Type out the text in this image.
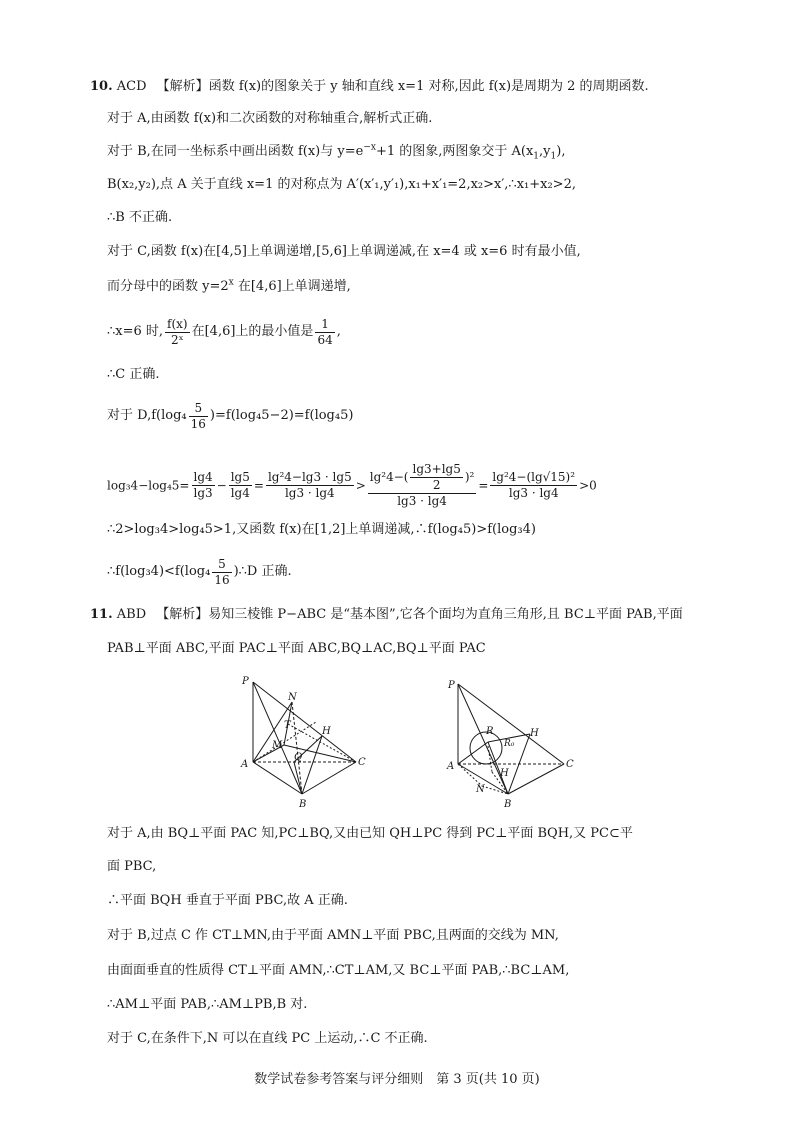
10. ACD 【解析】函数 f(x)的图象关于 y 轴和直线 x=1 对称,因此 f(x)是周期为 2 的周期函数.
对于 A,由函数 f(x)和二次函数的对称轴重合,解析式正确.
对于 B,在同一坐标系中画出函数 f(x)与 $y=e^{-x}+1$ 的图象,两图象交于 $A(x_1,y_1)$,
B(x₂,y₂),点 A 关于直线 x=1 的对称点为 A′(x′₁,y′₁),x₁+x′₁=2,x₂>x′,∴x₁+x₂>2,
∴B 不正确.
对于 C,函数 f(x)在[4,5]上单调递增,[5,6]上单调递减,在 x=4 或 x=6 时有最小值,
而分母中的函数 $y=2^x$ 在[4,6]上单调递增,
∴x=6 时, $\frac{f(x)}{\text{2ˣ}}$ 在[4,6]上的最小值是 $\frac{1}{64}$ ,
∴C 正确.
对于 $D,f(\log_4 \frac{5}{16} )=f(\log_45-2)=f(\log_45)$
$\log_34-\log_45= \frac{\lg 4}{\lg 3} - \frac{\lg 5}{\lg 4} = \frac{\text{lg²4−lg3 · lg5}}{\lg 3 \cdot \lg 4} > \frac{\lg^24-( \frac{\lg 3+\lg 5}{2} )^2}{\lg 3 \cdot \lg 4} = \frac{\text{lg²4−(lg√15)²}}{\lg 3 \cdot \lg 4} >0$
∴2>log₃4>log₄5>1,又函数 f(x)在[1,2]上单调递减,∴f(log₄5)>f(log₃4)
∴f(log₃4)<f(log₄ $\frac{5}{16}$ )∴D 正确.
11. ABD 【解析】易知三棱锥 P−ABC 是“基本图”,它各个面均为直角三角形,且 BC⊥平面 PAB,平面
PAB⊥平面 ABC,平面 PAC⊥平面 ABC,BQ⊥AC,BQ⊥平面 PAC
P
N
T
H
M
Q
A	C
B
P
R
R₀
H
H
A	C
N
B
对于 A,由 BQ⊥平面 PAC 知,PC⊥BQ,又由已知 QH⊥PC 得到 PC⊥平面 BQH,又 PC⊂平
面 PBC,
∴平面 BQH 垂直于平面 PBC,故 A 正确.
对于 B,过点 C 作 CT⊥MN,由于平面 AMN⊥平面 PBC,且两面的交线为 MN,
由面面垂直的性质得 CT⊥平面 AMN,∴CT⊥AM,又 BC⊥平面 PAB,∴BC⊥AM,
∴AM⊥平面 PAB,∴AM⊥PB,B 对.
对于 C,在条件下,N 可以在直线 PC 上运动,∴C 不正确.
数学试卷参考答案与评分细则　第 3 页(共 10 页)
